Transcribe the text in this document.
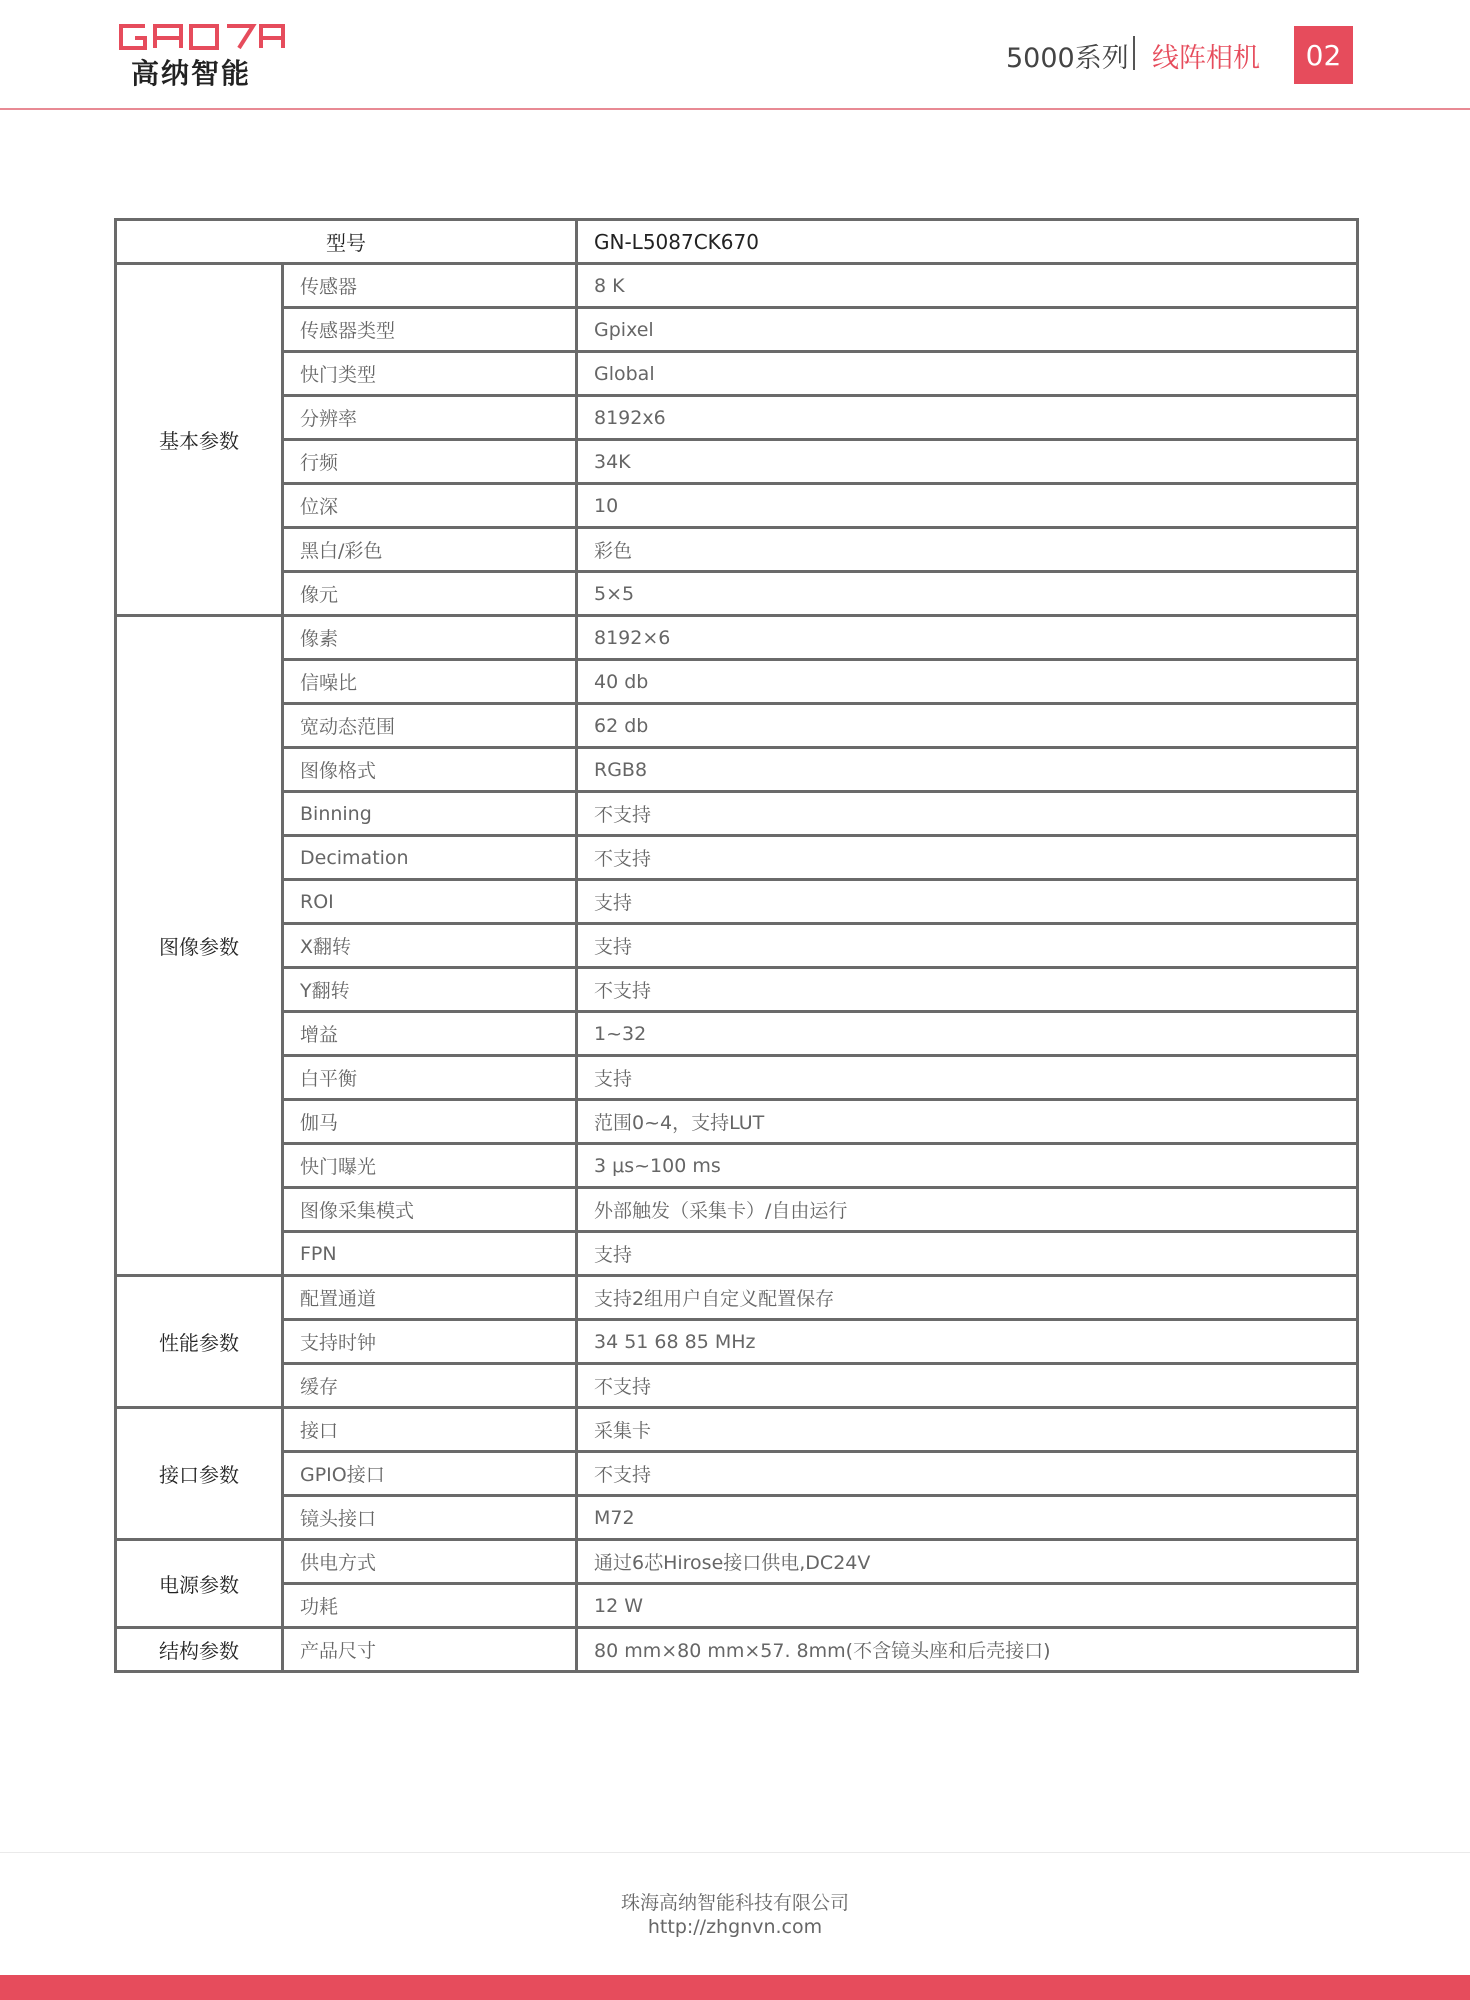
高纳智能	5000系列 线阵相机	02
型号		GN-L5087CK670
基本参数	传感器	8 K
	传感器类型	Gpixel
	快门类型	Global
	分辨率	8192x6
	行频	34K
	位深	10
	黑白/彩色	彩色
	像元	5×5
图像参数	像素	8192×6
	信噪比	40 db
	宽动态范围	62 db
	图像格式	RGB8
	Binning	不支持
	Decimation	不支持
	ROI	支持
	X翻转	支持
	Y翻转	不支持
	增益	1~32
	白平衡	支持
	伽马	范围0~4，支持LUT
	快门曝光	3 μs~100 ms
	图像采集模式	外部触发（采集卡）/自由运行
	FPN	支持
性能参数	配置通道	支持2组用户自定义配置保存
	支持时钟	34 51 68 85 MHz
	缓存	不支持
接口参数	接口	采集卡
	GPIO接口	不支持
	镜头接口	M72
电源参数	供电方式	通过6芯Hirose接口供电,DC24V
	功耗	12 W
结构参数	产品尺寸	80 mm×80 mm×57. 8mm(不含镜头座和后壳接口)
珠海高纳智能科技有限公司
http://zhgnvn.com
